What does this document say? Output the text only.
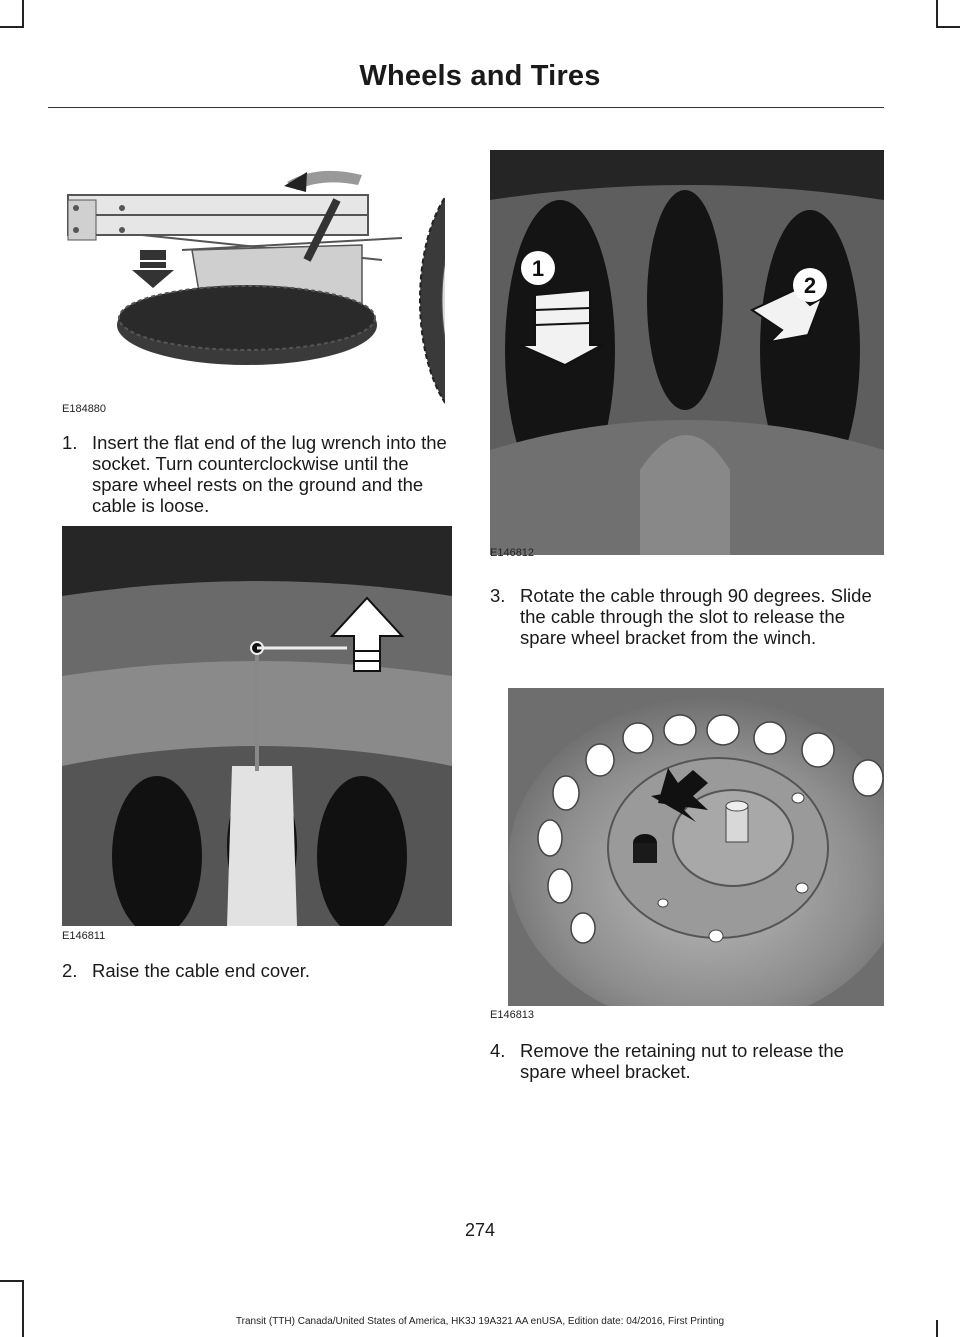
Wheels and Tires
E184880
1. Insert the flat end of the lug wrench into the socket. Turn counterclockwise until the spare wheel rests on the ground and the cable is loose.
E146811
2. Raise the cable end cover.
1
2
E146812
3. Rotate the cable through 90 degrees. Slide the cable through the slot to release the spare wheel bracket from the winch.
E146813
4. Remove the retaining nut to release the spare wheel bracket.
274
Transit (TTH) Canada/United States of America, HK3J 19A321 AA enUSA, Edition date: 04/2016, First Printing
